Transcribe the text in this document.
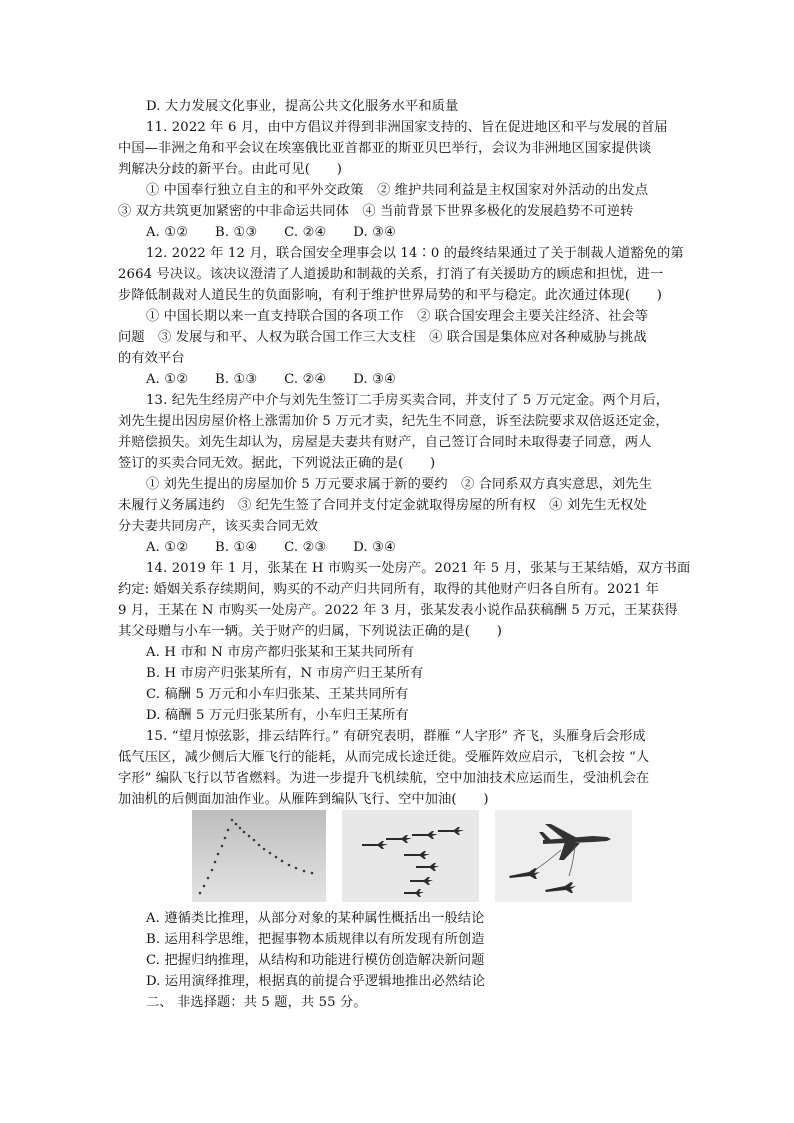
D. 大力发展文化事业，提高公共文化服务水平和质量
11. 2022 年 6 月，由中方倡议并得到非洲国家支持的、旨在促进地区和平与发展的首届
中国—非洲之角和平会议在埃塞俄比亚首都亚的斯亚贝巴举行，会议为非洲地区国家提供谈
判解决分歧的新平台。由此可见(　　)
① 中国奉行独立自主的和平外交政策　② 维护共同利益是主权国家对外活动的出发点
③ 双方共筑更加紧密的中非命运共同体　④ 当前背景下世界多极化的发展趋势不可逆转
A. ①②　　B. ①③　　C. ②④　　D. ③④
12. 2022 年 12 月，联合国安全理事会以 14∶0 的最终结果通过了关于制裁人道豁免的第
2664 号决议。该决议澄清了人道援助和制裁的关系，打消了有关援助方的顾虑和担忧，进一
步降低制裁对人道民生的负面影响，有利于维护世界局势的和平与稳定。此次通过体现(　　)
① 中国长期以来一直支持联合国的各项工作　② 联合国安理会主要关注经济、社会等
问题　③ 发展与和平、人权为联合国工作三大支柱　④ 联合国是集体应对各种威胁与挑战
的有效平台
A. ①②　　B. ①③　　C. ②④　　D. ③④
13. 纪先生经房产中介与刘先生签订二手房买卖合同，并支付了 5 万元定金。两个月后，
刘先生提出因房屋价格上涨需加价 5 万元才卖，纪先生不同意，诉至法院要求双倍返还定金，
并赔偿损失。刘先生却认为，房屋是夫妻共有财产，自己签订合同时未取得妻子同意，两人
签订的买卖合同无效。据此，下列说法正确的是(　　)
① 刘先生提出的房屋加价 5 万元要求属于新的要约　② 合同系双方真实意思，刘先生
未履行义务属违约　③ 纪先生签了合同并支付定金就取得房屋的所有权　④ 刘先生无权处
分夫妻共同房产，该买卖合同无效
A. ①②　　B. ①④　　C. ②③　　D. ③④
14. 2019 年 1 月，张某在 H 市购买一处房产。2021 年 5 月，张某与王某结婚，双方书面
约定: 婚姻关系存续期间，购买的不动产归共同所有，取得的其他财产归各自所有。2021 年
9 月，王某在 N 市购买一处房产。2022 年 3 月，张某发表小说作品获稿酬 5 万元，王某获得
其父母赠与小车一辆。关于财产的归属，下列说法正确的是(　　)
A. H 市和 N 市房产都归张某和王某共同所有
B. H 市房产归张某所有，N 市房产归王某所有
C. 稿酬 5 万元和小车归张某、王某共同所有
D. 稿酬 5 万元归张某所有，小车归王某所有
15. “望月惊弦影，排云结阵行。” 有研究表明，群雁 “人字形” 齐飞，头雁身后会形成
低气压区，减少侧后大雁飞行的能耗，从而完成长途迁徙。受雁阵效应启示，飞机会按 “人
字形” 编队飞行以节省燃料。为进一步提升飞机续航，空中加油技术应运而生，受油机会在
加油机的后侧面加油作业。从雁阵到编队飞行、空中加油(　　)
A. 遵循类比推理，从部分对象的某种属性概括出一般结论
B. 运用科学思维，把握事物本质规律以有所发现有所创造
C. 把握归纳推理，从结构和功能进行模仿创造解决新问题
D. 运用演绎推理，根据真的前提合乎逻辑地推出必然结论
二、 非选择题：共 5 题，共 55 分。
